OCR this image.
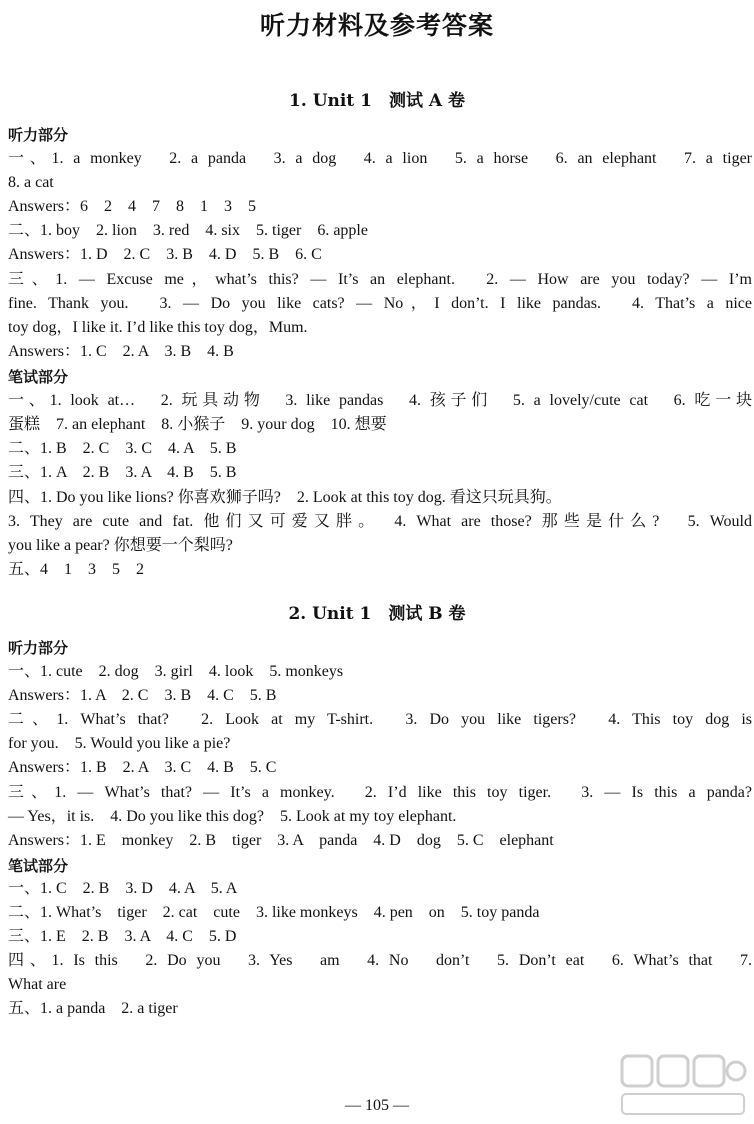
听力材料及参考答案
1. Unit 1　测试 A 卷
听力部分
一、1. a monkey　2. a panda　3. a dog　4. a lion　5. a horse　6. an elephant　7. a tiger
8. a cat
Answers：6　2　4　7　8　1　3　5
二、1. boy　2. lion　3. red　4. six　5. tiger　6. apple
Answers：1. D　2. C　3. B　4. D　5. B　6. C
三、1. — Excuse me，what’s this? — It’s an elephant.　2. — How are you today? — I’m
fine. Thank you.　3. — Do you like cats? — No，I don’t. I like pandas.　4. That’s a nice
toy dog，I like it. I’d like this toy dog，Mum.
Answers：1. C　2. A　3. B　4. B
笔试部分
一、1. look at…　2. 玩具动物　3. like pandas　4. 孩子们　5. a lovely/cute cat　6. 吃一块
蛋糕　7. an elephant　8. 小猴子　9. your dog　10. 想要
二、1. B　2. C　3. C　4. A　5. B
三、1. A　2. B　3. A　4. B　5. B
四、1. Do you like lions? 你喜欢狮子吗?　2. Look at this toy dog. 看这只玩具狗。
3. They are cute and fat. 他们又可爱又胖。　4. What are those? 那些是什么?　5. Would
you like a pear? 你想要一个梨吗?
五、4　1　3　5　2
2. Unit 1　测试 B 卷
听力部分
一、1. cute　2. dog　3. girl　4. look　5. monkeys
Answers：1. A　2. C　3. B　4. C　5. B
二、1. What’s that?　2. Look at my T-shirt.　3. Do you like tigers?　4. This toy dog is
for you.　5. Would you like a pie?
Answers：1. B　2. A　3. C　4. B　5. C
三、1. — What’s that? — It’s a monkey.　2. I’d like this toy tiger.　3. — Is this a panda?
— Yes，it is.　4. Do you like this dog?　5. Look at my toy elephant.
Answers：1. E　monkey　2. B　tiger　3. A　panda　4. D　dog　5. C　elephant
笔试部分
一、1. C　2. B　3. D　4. A　5. A
二、1. What’s　tiger　2. cat　cute　3. like monkeys　4. pen　on　5. toy panda
三、1. E　2. B　3. A　4. C　5. D
四、1. Is this　2. Do you　3. Yes　am　4. No　don’t　5. Don’t eat　6. What’s that　7.
What are
五、1. a panda　2. a tiger
— 105 —
